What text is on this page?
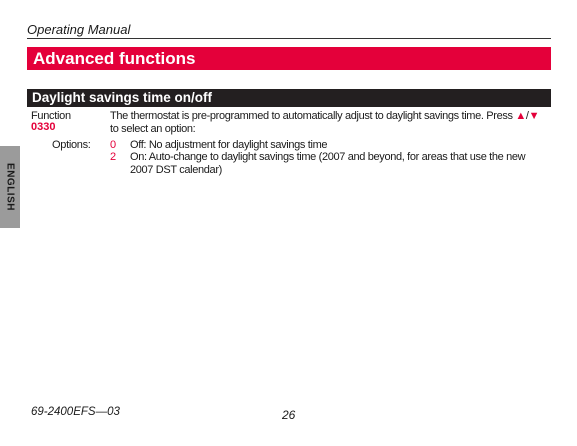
Operating Manual
Advanced functions
Daylight savings time on/off
ENGLISH
Function
0330
The thermostat is pre-programmed to automatically adjust to daylight savings time. Press ▲/▼ to select an option:
Options: 0 Off: No adjustment for daylight savings time
2 On: Auto-change to daylight savings time (2007 and beyond, for areas that use the new 2007 DST calendar)
69-2400EFS—03	26
